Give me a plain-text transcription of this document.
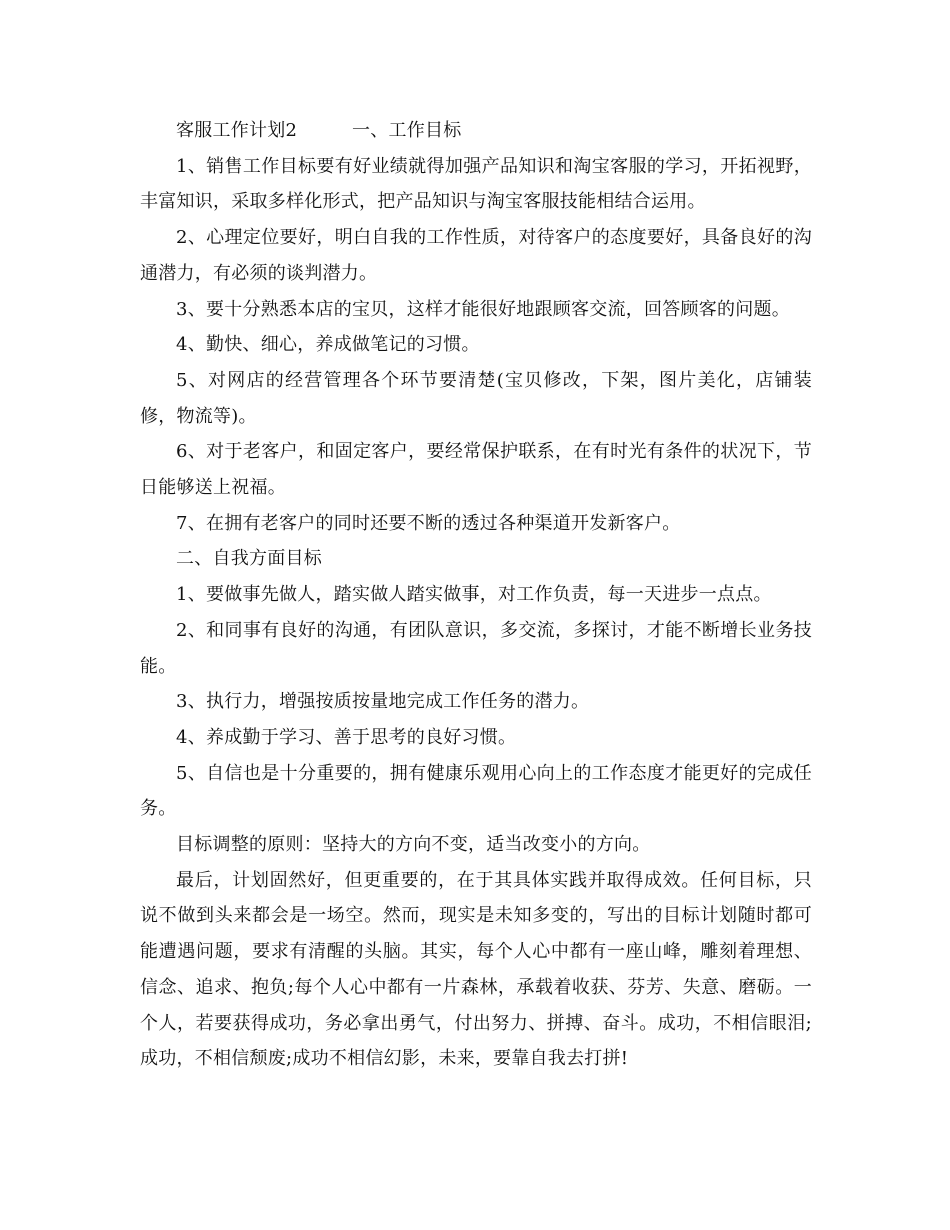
客服工作计划2　　　一、工作目标

1、销售工作目标要有好业绩就得加强产品知识和淘宝客服的学习，开拓视野，丰富知识，采取多样化形式，把产品知识与淘宝客服技能相结合运用。

2、心理定位要好，明白自我的工作性质，对待客户的态度要好，具备良好的沟通潜力，有必须的谈判潜力。

3、要十分熟悉本店的宝贝，这样才能很好地跟顾客交流，回答顾客的问题。

4、勤快、细心，养成做笔记的习惯。

5、对网店的经营管理各个环节要清楚(宝贝修改，下架，图片美化，店铺装修，物流等)。

6、对于老客户，和固定客户，要经常保护联系，在有时光有条件的状况下，节日能够送上祝福。

7、在拥有老客户的同时还要不断的透过各种渠道开发新客户。

二、自我方面目标

1、要做事先做人，踏实做人踏实做事，对工作负责，每一天进步一点点。

2、和同事有良好的沟通，有团队意识，多交流，多探讨，才能不断增长业务技能。

3、执行力，增强按质按量地完成工作任务的潜力。

4、养成勤于学习、善于思考的良好习惯。

5、自信也是十分重要的，拥有健康乐观用心向上的工作态度才能更好的完成任务。

目标调整的原则：坚持大的方向不变，适当改变小的方向。

最后，计划固然好，但更重要的，在于其具体实践并取得成效。任何目标，只说不做到头来都会是一场空。然而，现实是未知多变的，写出的目标计划随时都可能遭遇问题，要求有清醒的头脑。其实，每个人心中都有一座山峰，雕刻着理想、信念、追求、抱负;每个人心中都有一片森林，承载着收获、芬芳、失意、磨砺。一个人，若要获得成功，务必拿出勇气，付出努力、拼搏、奋斗。成功，不相信眼泪;成功，不相信颓废;成功不相信幻影，未来，要靠自我去打拼!
